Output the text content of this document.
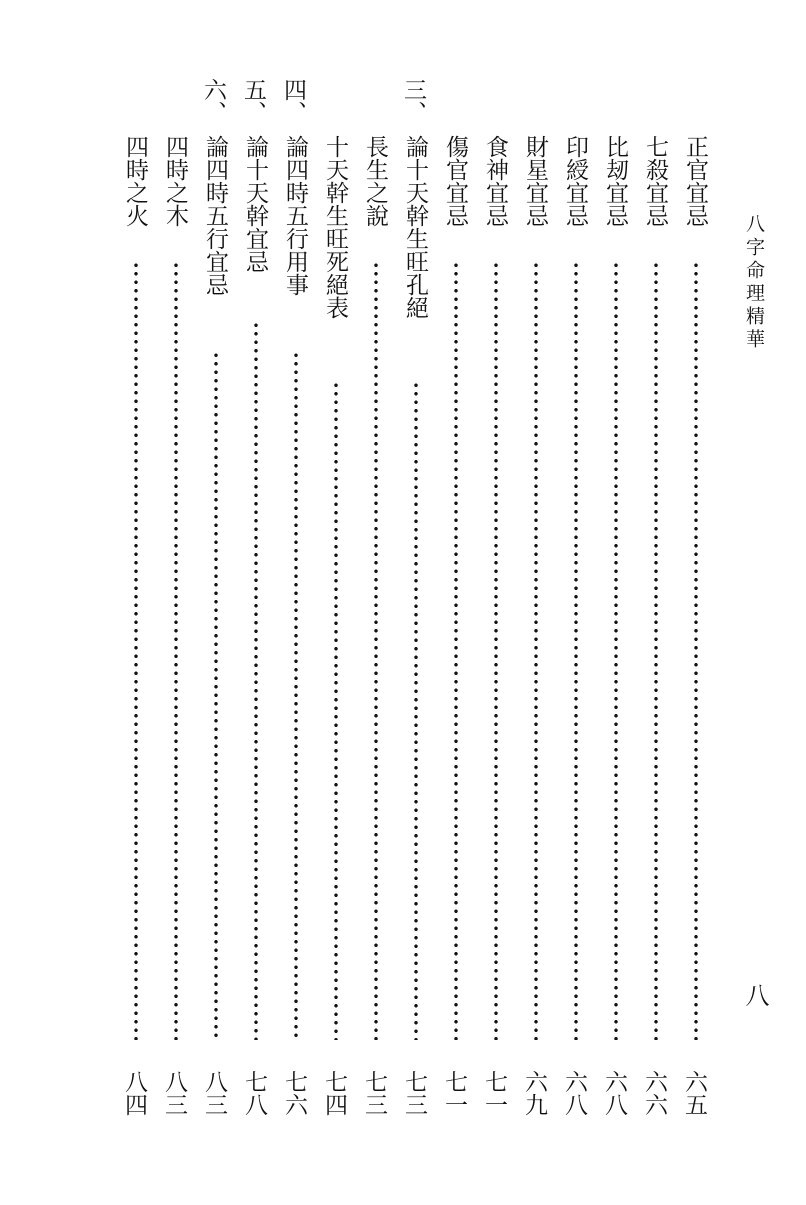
八字命理精華
八
正官宜忌
六五
七殺宜忌
六六
比刼宜忌
六八
印綬宜忌
六八
財星宜忌
六九
食神宜忌
七一
傷官宜忌
七一
三、
論十天幹生旺孔絕
七三
長生之說
七三
十天幹生旺死絕表
七四
四、
論四時五行用事
七六
五、
論十天幹宜忌
七八
六、
論四時五行宜忌
八三
四時之木
八三
四時之火
八四
